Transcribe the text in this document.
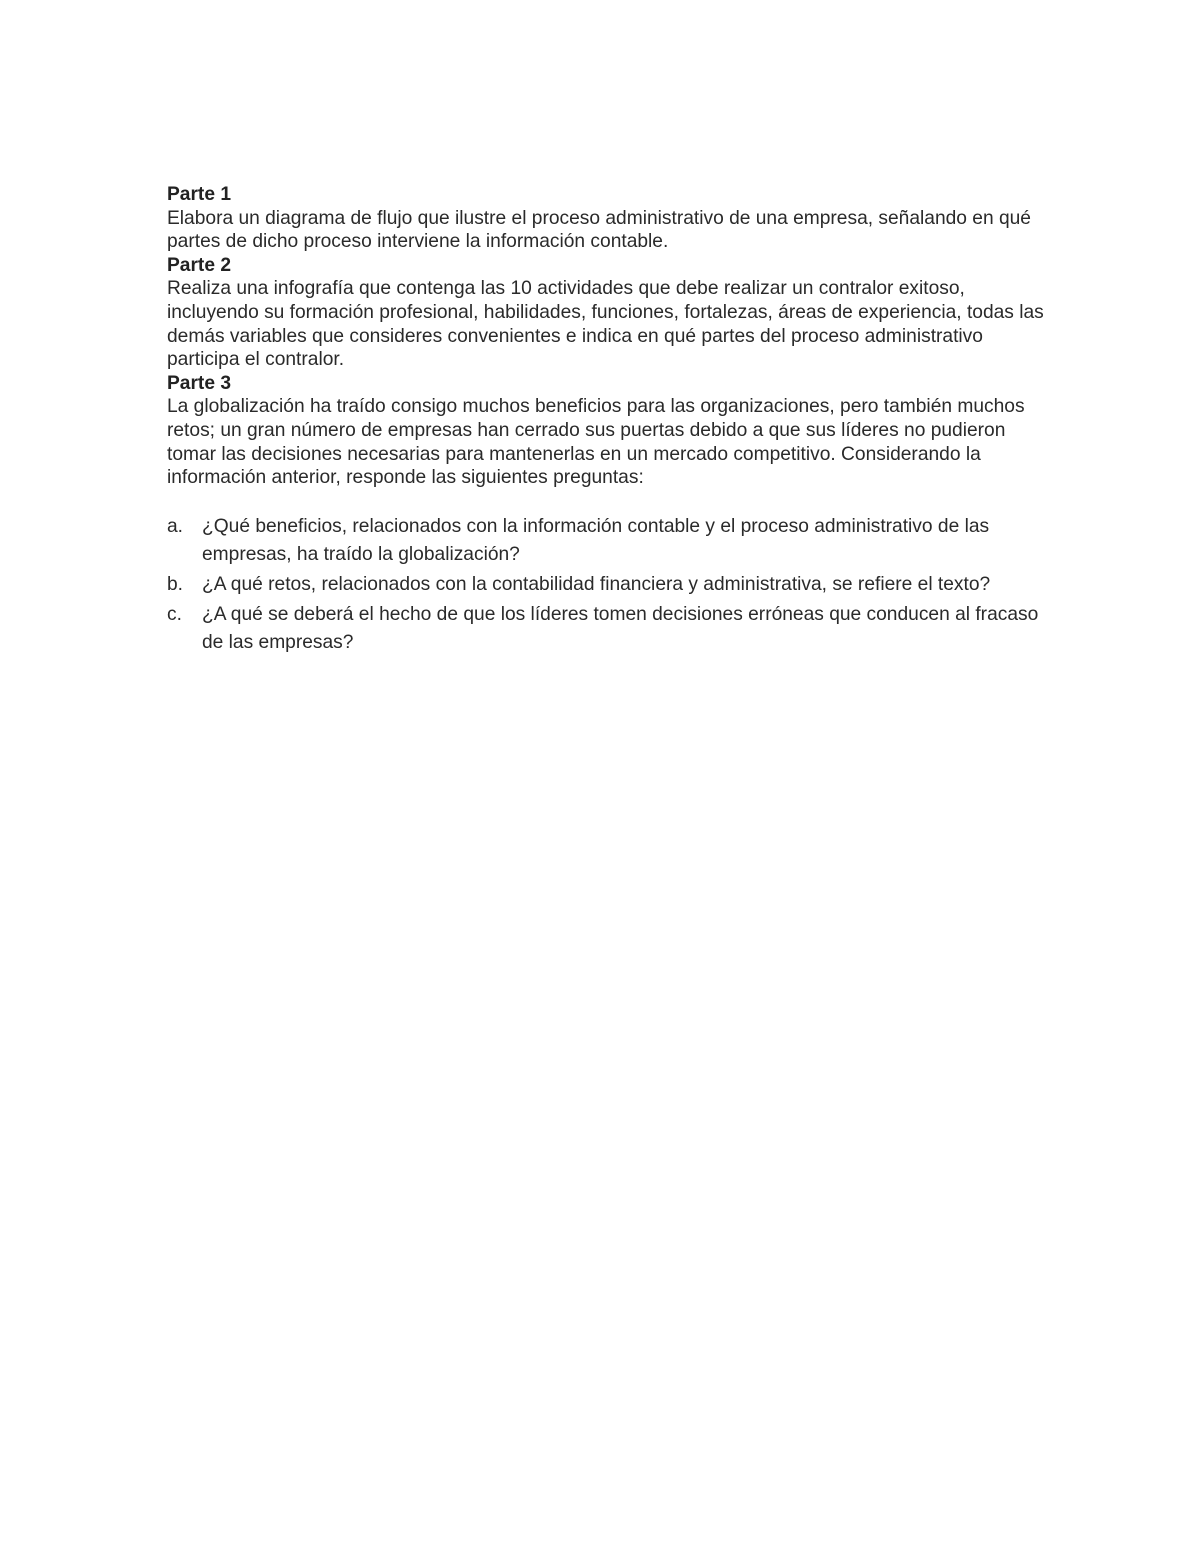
Parte 1

Elabora un diagrama de flujo que ilustre el proceso administrativo de una empresa, señalando en qué partes de dicho proceso interviene la información contable.

Parte 2

Realiza una infografía que contenga las 10 actividades que debe realizar un contralor exitoso, incluyendo su formación profesional, habilidades, funciones, fortalezas, áreas de experiencia, todas las demás variables que consideres convenientes e indica en qué partes del proceso administrativo participa el contralor.

Parte 3

La globalización ha traído consigo muchos beneficios para las organizaciones, pero también muchos retos; un gran número de empresas han cerrado sus puertas debido a que sus líderes no pudieron tomar las decisiones necesarias para mantenerlas en un mercado competitivo. Considerando la información anterior, responde las siguientes preguntas:

a. ¿Qué beneficios, relacionados con la información contable y el proceso administrativo de las empresas, ha traído la globalización?
b. ¿A qué retos, relacionados con la contabilidad financiera y administrativa, se refiere el texto?
c. ¿A qué se deberá el hecho de que los líderes tomen decisiones erróneas que conducen al fracaso de las empresas?
